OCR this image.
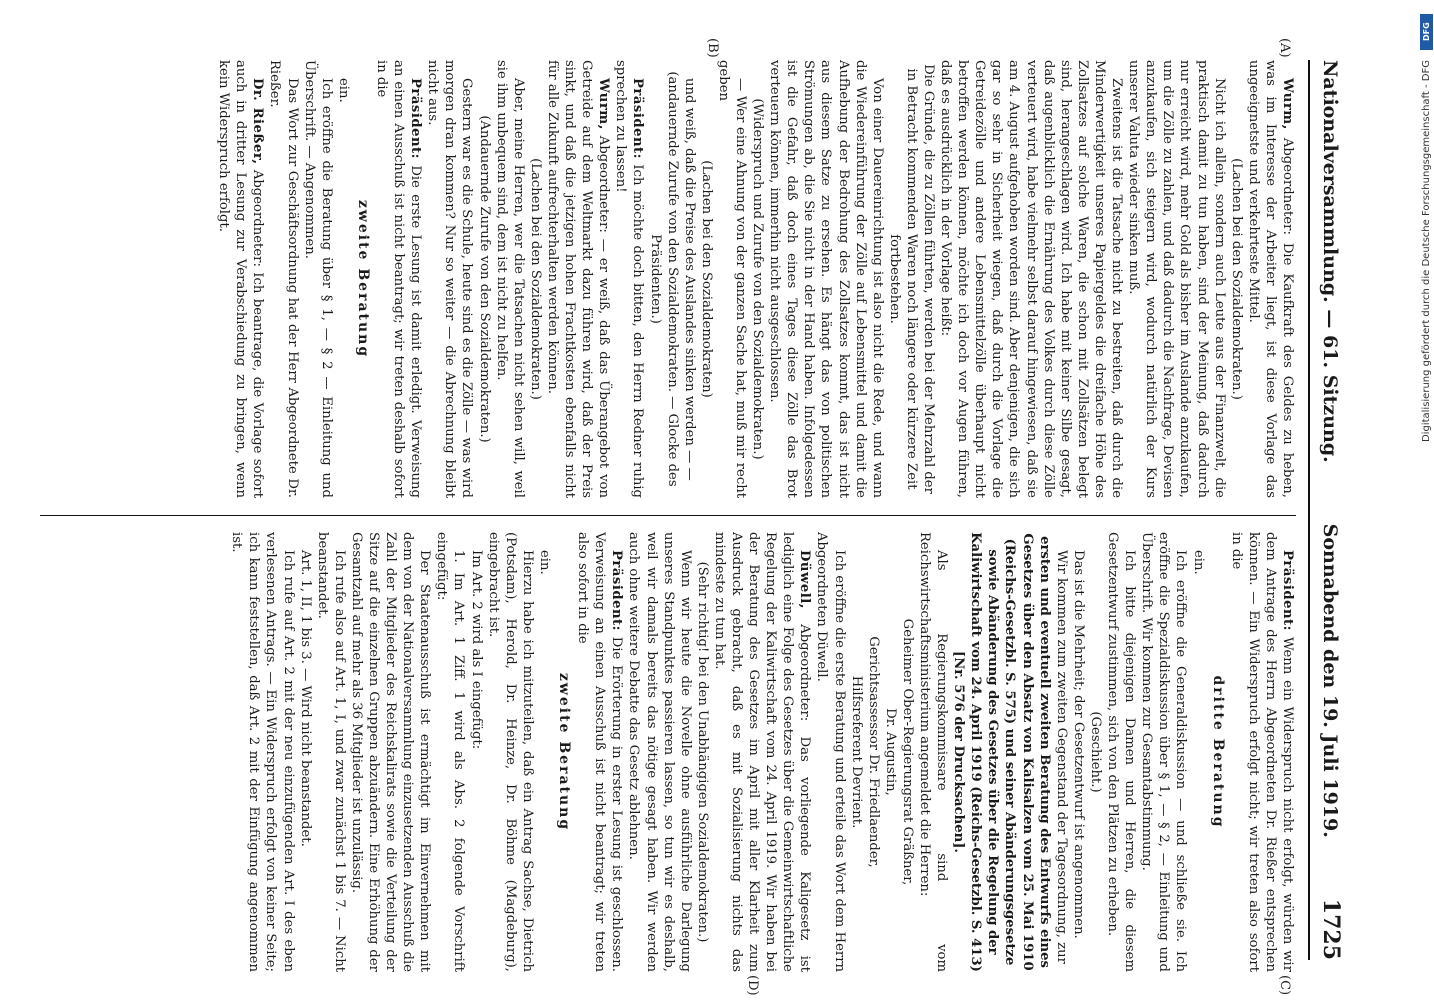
Nationalversammlung. — 61. Sitzung.
Sonnabend den 19. Juli 1919.
1725

Wurm, Abgeordneter: Die Kaufkraft des Geldes zu heben, was im Interesse der Arbeiter liegt, ist diese Vorlage das ungeeignetste und verkehrteste Mittel.

(Lachen bei den Sozialdemokraten.)

Nicht ich allein, sondern auch Leute aus der Finanzwelt, die praktisch damit zu tun haben, sind der Meinung, daß dadurch nur erreicht wird, mehr Gold als bisher im Auslande anzukaufen, um die Zölle zu zahlen, und daß dadurch die Nachfrage, Devisen anzukaufen, sich steigern wird, wodurch natürlich der Kurs unserer Valuta wieder sinken muß.

Zweitens ist die Tatsache nicht zu bestreiten, daß durch die Minderwertigkeit unseres Papiergeldes die dreifache Höhe des Zollsatzes auf solche Waren, die schon mit Zollsätzen belegt sind, herangeschlagen wird. Ich habe mit keiner Silbe gesagt, daß augenblicklich die Ernährung des Volkes durch diese Zölle verteuert wird, habe vielmehr selbst darauf hingewiesen, daß sie am 4. August aufgehoben worden sind. Aber denjenigen, die sich gar so sehr in Sicherheit wiegen, daß durch die Vorlage die Getreidezölle und andere Lebensmittelzölle überhaupt nicht betroffen werden können, möchte ich doch vor Augen führen, daß es ausdrücklich in der Vorlage heißt:

Die Gründe, die zu Zöllen führten, werden bei der Mehrzahl der in Betracht kommenden Waren noch längere oder kürzere Zeit fortbestehen.

Von einer Dauereinrichtung ist also nicht die Rede, und wann die Wiedereinführung der Zölle auf Lebensmittel und damit die Aufhebung der Bedrohung des Zollsatzes kommt, das ist nicht aus diesem Satze zu ersehen. Es hängt das von politischen Strömungen ab, die Sie nicht in der Hand haben. Infolgedessen ist die Gefahr, daß doch eines Tages diese Zölle das Brot verteuern können, immerhin nicht ausgeschlossen.

(Widerspruch und Zurufe von den Sozialdemokraten.)

— Wer eine Ahnung von der ganzen Sache hat, muß mir recht geben

(Lachen bei den Sozialdemokraten)

und weiß, daß die Preise des Auslandes sinken werden — —

(andauernde Zurufe von den Sozialdemokraten. — Glocke des Präsidenten.)

Präsident: Ich möchte doch bitten, den Herrn Redner ruhig sprechen zu lassen!

Wurm, Abgeordneter: — er weiß, daß das Überangebot von Getreide auf dem Weltmarkt dazu führen wird, daß der Preis sinkt, und daß die jetzigen hohen Frachtkosten ebenfalls nicht für alle Zukunft aufrechterhalten werden können.

(Lachen bei den Sozialdemokraten.)

Aber, meine Herren, wer die Tatsachen nicht sehen will, weil sie ihm unbequem sind, dem ist nicht zu helfen.

(Andauernde Zurufe von den Sozialdemokraten.)

Gestern war es die Schule, heute sind es die Zölle — was wird morgen dran kommen? Nur so weiter — die Abrechnung bleibt nicht aus.

Präsident: Die erste Lesung ist damit erledigt. Verweisung an einen Ausschuß ist nicht beantragt; wir treten deshalb sofort in die

zweite Beratung

ein.

Ich eröffne die Beratung über § 1, — § 2 — Einleitung und Überschrift. — Angenommen.

Das Wort zur Geschäftsordnung hat der Herr Abgeordnete Dr. Rießer.

Dr. Rießer, Abgeordneter: Ich beantrage, die Vorlage sofort auch in dritter Lesung zur Verabschiedung zu bringen, wenn kein Widerspruch erfolgt.

Präsident: Wenn ein Widerspruch nicht erfolgt, würden wir dem Antrage des Herrn Abgeordneten Dr. Rießer entsprechen können. — Ein Widerspruch erfolgt nicht; wir treten also sofort in die

dritte Beratung

ein.

Ich eröffne die Generaldiskussion — und schließe sie. Ich eröffne die Spezialdiskussion über § 1, — § 2, — Einleitung und Überschrift. Wir kommen zur Gesamtabstimmung.

Ich bitte diejenigen Damen und Herren, die diesem Gesetzentwurf zustimmen, sich von den Plätzen zu erheben.

(Geschieht.)

Das ist die Mehrheit; der Gesetzentwurf ist angenommen.

Wir kommen zum zweiten Gegenstand der Tagesordnung, zur

ersten und eventuell zweiten Beratung des Entwurfs eines Gesetzes über den Absatz von Kalisalzen vom 25. Mai 1910 (Reichs-Gesetzbl. S. 575) und seiner Abänderungsgesetze sowie Abänderung des Gesetzes über die Regelung der Kaliwirtschaft vom 24. April 1919 (Reichs-Gesetzbl. S. 413) [Nr. 576 der Drucksachen].

Als Regierungskommissare sind vom Reichswirtschaftsministerium angemeldet die Herren:

Geheimer Ober-Regierungsrat Gräßner,

Dr. Augustin,

Gerichtsassessor Dr. Friedlaender,

Hilfsreferent Devrient.

Ich eröffne die erste Beratung und erteile das Wort dem Herrn Abgeordneten Düwell.

Düwell, Abgeordneter: Das vorliegende Kaligesetz ist lediglich eine Folge des Gesetzes über die Gemeinwirtschaftliche Regelung der Kaliwirtschaft vom 24. April 1919. Wir haben bei der Beratung des Gesetzes im April mit aller Klarheit zum Ausdruck gebracht, daß es mit Sozialisierung nichts das mindeste zu tun hat.

(Sehr richtig! bei den Unabhängigen Sozialdemokraten.)

Wenn wir heute die Novelle ohne ausführliche Darlegung unseres Standpunktes passieren lassen, so tun wir es deshalb, weil wir damals bereits das nötige gesagt haben. Wir werden auch ohne weitere Debatte das Gesetz ablehnen.

Präsident: Die Erörterung in erster Lesung ist geschlossen. Verweisung an einen Ausschuß ist nicht beantragt; wir treten also sofort in die

zweite Beratung

ein.

Hierzu habe ich mitzuteilen, daß ein Antrag Sachse, Dietrich (Potsdam), Herold, Dr. Heinze, Dr. Böhme (Magdeburg), eingebracht ist.

Im Art. 2 wird als I eingefügt:

1. Im Art. 1 Ziff. 1 wird als Abs. 2 folgende Vorschrift eingefügt:

Der Staatenausschuß ist ermächtigt im Einvernehmen mit dem von der Nationalversammlung einzusetzenden Ausschuß die Zahl der Mitglieder des Reichskalirats sowie die Verteilung der Sitze auf die einzelnen Gruppen abzuändern. Eine Erhöhung der Gesamtzahl auf mehr als 36 Mitglieder ist unzulässig.

Ich rufe also auf Art. 1, I, und zwar zunächst 1 bis 7. — Nicht beanstandet.

Art. 1, II, 1 bis 3. — Wird nicht beanstandet.

Ich rufe auf Art. 2 mit der neu einzufügenden Art. I des eben verlesenen Antrags. — Ein Widerspruch erfolgt von keiner Seite; ich kann feststellen, daß Art. 2 mit der Einfügung angenommen ist.

(A)
(B)
(C)
(D)
DFG
Digitalisierung gefördert durch die Deutsche Forschungsgemeinschaft - DFG
